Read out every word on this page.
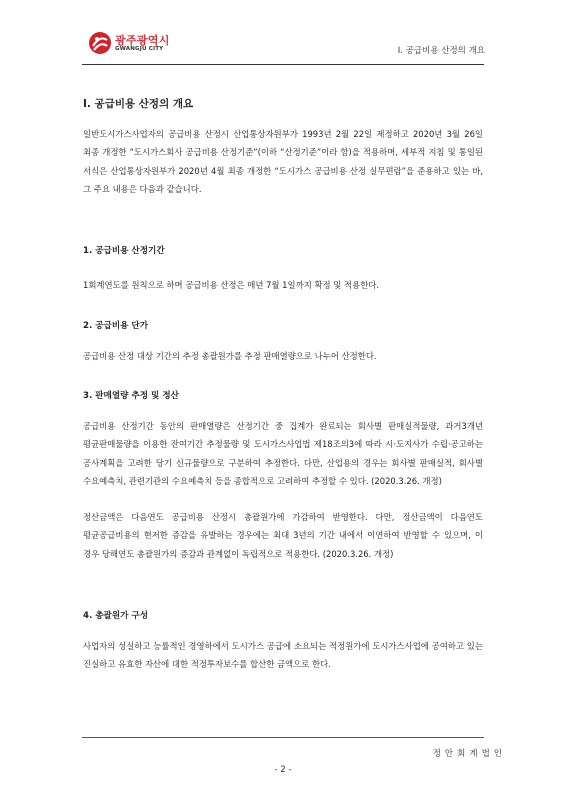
광주광역시
GWANGJU CITY	Ⅰ. 공급비용 산정의 개요
Ⅰ. 공급비용 산정의 개요

일반도시가스사업자의 공급비용 산정시 산업통상자원부가 1993년 2월 22일 제정하고 2020년 3월 26일 최종 개정한 “도시가스회사 공급비용 산정기준”(이하 “산정기준”이라 함)을 적용하며, 세부적 지침 및 통일된 서식은 산업통상자원부가 2020년 4월 최종 개정한 “도시가스 공급비용 산정 실무편람”을 준용하고 있는 바, 그 주요 내용은 다음과 같습니다.

1. 공급비용 산정기간

1회계연도를 원칙으로 하며 공급비용 산정은 매년 7월 1일까지 확정 및 적용한다.

2. 공급비용 단가

공급비용 산정 대상 기간의 추정 총괄원가를 추정 판매열량으로 나누어 산정한다.

3. 판매열량 추정 및 정산

공급비용 산정기간 동안의 판매열량은 산정기간 중 집계가 완료되는 회사별 판매실적물량, 과거3개년 평균판매물량을 이용한 잔여기간 추정물량 및 도시가스사업법 제18조의3에 따라 시·도지사가 수립·공고하는 공사계획을 고려한 당기 신규물량으로 구분하여 추정한다. 다만, 산업용의 경우는 회사별 판매실적, 회사별 수요예측치, 관련기관의 수요예측치 등을 종합적으로 고려하여 추정할 수 있다. (2020.3.26. 개정)

정산금액은 다음연도 공급비용 산정시 총괄원가에 가감하여 반영한다. 다만, 정산금액이 다음연도 평균공급비용의 현저한 증감을 유발하는 경우에는 최대 3년의 기간 내에서 이연하여 반영할 수 있으며, 이 경우 당해연도 총괄원가의 증감과 관계없이 독립적으로 적용한다. (2020.3.26. 개정)

4. 총괄원가 구성

사업자의 성실하고 능률적인 경영하에서 도시가스 공급에 소요되는 적정원가에 도시가스사업에 공여하고 있는 진실하고 유효한 자산에 대한 적정투자보수를 합산한 금액으로 한다.

정안회계법인
- 2 -
